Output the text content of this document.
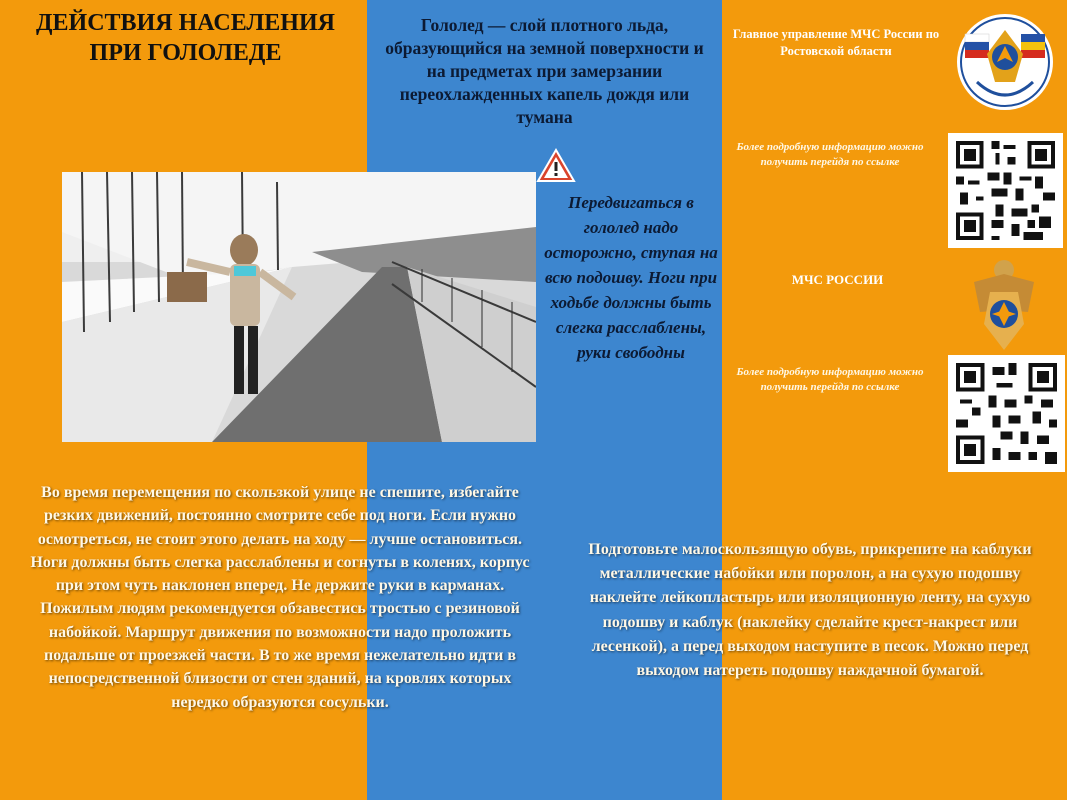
ДЕЙСТВИЯ НАСЕЛЕНИЯ
ПРИ ГОЛОЛЕДЕ
Гололед — слой плотного льда, образующийся на земной поверхности и на предметах при замерзании переохлажденных капель дождя или тумана
Передвигаться в гололед надо осторожно, ступая на всю подошву. Ноги при ходьбе должны быть слегка расслаблены, руки свободны
Во время перемещения по скользкой улице не спешите, избегайте резких движений, постоянно смотрите себе под ноги. Если нужно осмотреться, не стоит этого делать на ходу — лучше остановиться. Ноги должны быть слегка расслаблены и согнуты в коленях, корпус при этом чуть наклонен вперед. Не держите руки в карманах. Пожилым людям рекомендуется обзавестись тростью с резиновой набойкой. Маршрут движения по возможности надо проложить подальше от проезжей части. В то же время нежелательно идти в непосредственной близости от стен зданий, на кровлях которых нередко образуются сосульки.
Подготовьте малоскользящую обувь, прикрепите на каблуки металлические набойки или поролон, а на сухую подошву наклейте лейкопластырь или изоляционную ленту, на сухую подошву и каблук (наклейку сделайте крест-накрест или лесенкой), а перед выходом наступите в песок. Можно перед выходом натереть подошву наждачной бумагой.
Главное управление МЧС России по Ростовской области
Более подробную информацию можно получить перейдя по ссылке
МЧС РОССИИ
Более подробную информацию можно получить перейдя по ссылке
